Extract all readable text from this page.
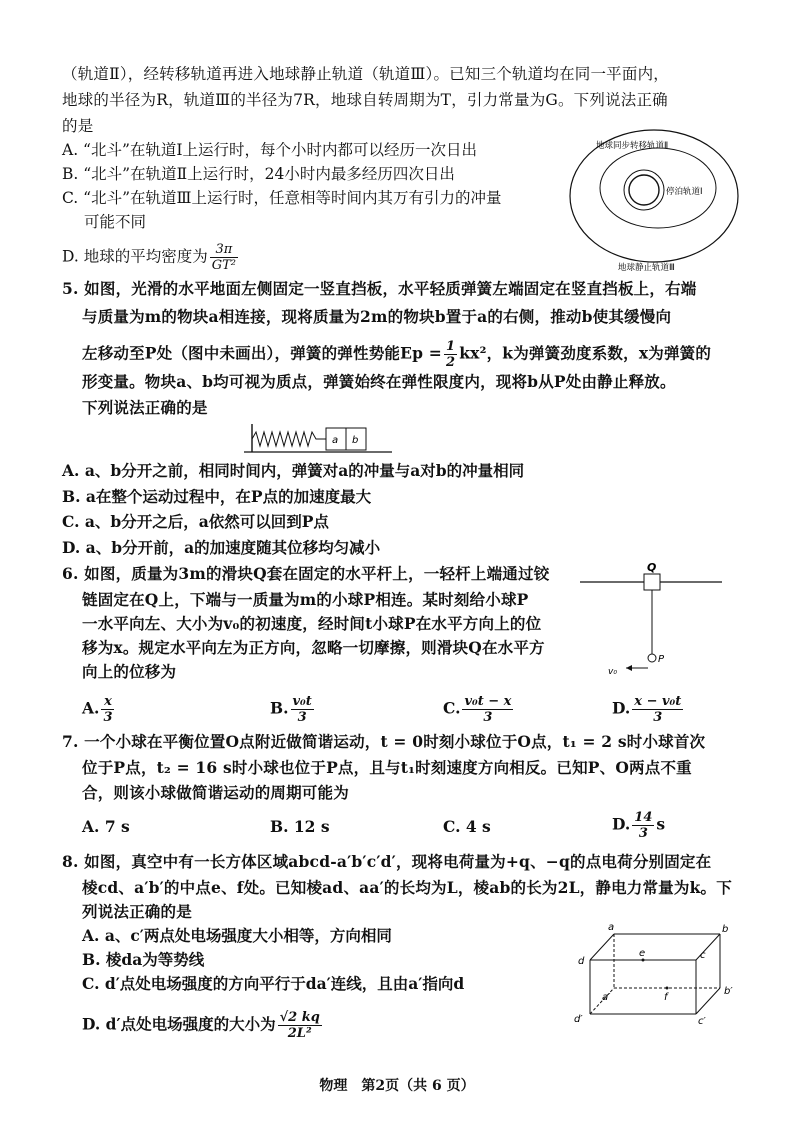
（轨道Ⅱ），经转移轨道再进入地球静止轨道（轨道Ⅲ）。已知三个轨道均在同一平面内，
地球的半径为R，轨道Ⅲ的半径为7R，地球自转周期为T，引力常量为G。下列说法正确
的是
A. “北斗”在轨道Ⅰ上运行时，每个小时内都可以经历一次日出
B. “北斗”在轨道Ⅱ上运行时，24小时内最多经历四次日出
C. “北斗”在轨道Ⅲ上运行时，任意相等时间内其万有引力的冲量
可能不同
D. 地球的平均密度为 $\frac{3\pi}{\text{GT²}}$
地球同步转移轨道Ⅱ
停泊轨道Ⅰ
地球静止轨道Ⅲ
5. 如图，光滑的水平地面左侧固定一竖直挡板，水平轻质弹簧左端固定在竖直挡板上，右端
与质量为m的物块a相连接，现将质量为2m的物块b置于a的右侧，推动b使其缓慢向
左移动至P处（图中未画出），弹簧的弹性势能$Ep = \frac{1}{2} kx^2$，k为弹簧劲度系数，x为弹簧的
形变量。物块a、b均可视为质点，弹簧始终在弹性限度内，现将b从P处由静止释放。
下列说法正确的是
a b
A. a、b分开之前，相同时间内，弹簧对a的冲量与a对b的冲量相同
B. a在整个运动过程中，在P点的加速度最大
C. a、b分开之后，a依然可以回到P点
D. a、b分开前，a的加速度随其位移均匀减小
6. 如图，质量为3m的滑块Q套在固定的水平杆上，一轻杆上端通过铰
链固定在Q上，下端与一质量为m的小球P相连。某时刻给小球P
一水平向左、大小为v₀的初速度，经时间t小球P在水平方向上的位
移为x。规定水平向左为正方向，忽略一切摩擦，则滑块Q在水平方
向上的位移为
Q
P
v₀
A. $\frac{x}{3}$	B. $\frac{\text{v₀t}}{3}$	C. $\frac{\text{v₀t − x}}{3}$	D. $\frac{\text{x − v₀t}}{3}$
7. 一个小球在平衡位置O点附近做简谐运动，t = 0时刻小球位于O点，t₁ = 2 s时小球首次
位于P点，t₂ = 16 s时小球也位于P点，且与t₁时刻速度方向相反。已知P、O两点不重
合，则该小球做简谐运动的周期可能为
A. 7 s	B. 12 s	C. 4 s	D. $\frac{14}{3}$ s
8. 如图，真空中有一长方体区域abcd-a′b′c′d′，现将电荷量为+q、−q的点电荷分别固定在
棱cd、a′b′的中点e、f处。已知棱ad、aa′的长均为L，棱ab的长为2L，静电力常量为k。下
列说法正确的是
A. a、c′两点处电场强度大小相等，方向相同
B. 棱da为等势线
C. d′点处电场强度的方向平行于da′连线，且由a′指向d
D. d′点处电场强度的大小为 $\frac{√2 kq}{\text{2L²}}$
a	b
c
d
a′
b′
c′
d′
e
f
物理　第2页（共 6 页）
